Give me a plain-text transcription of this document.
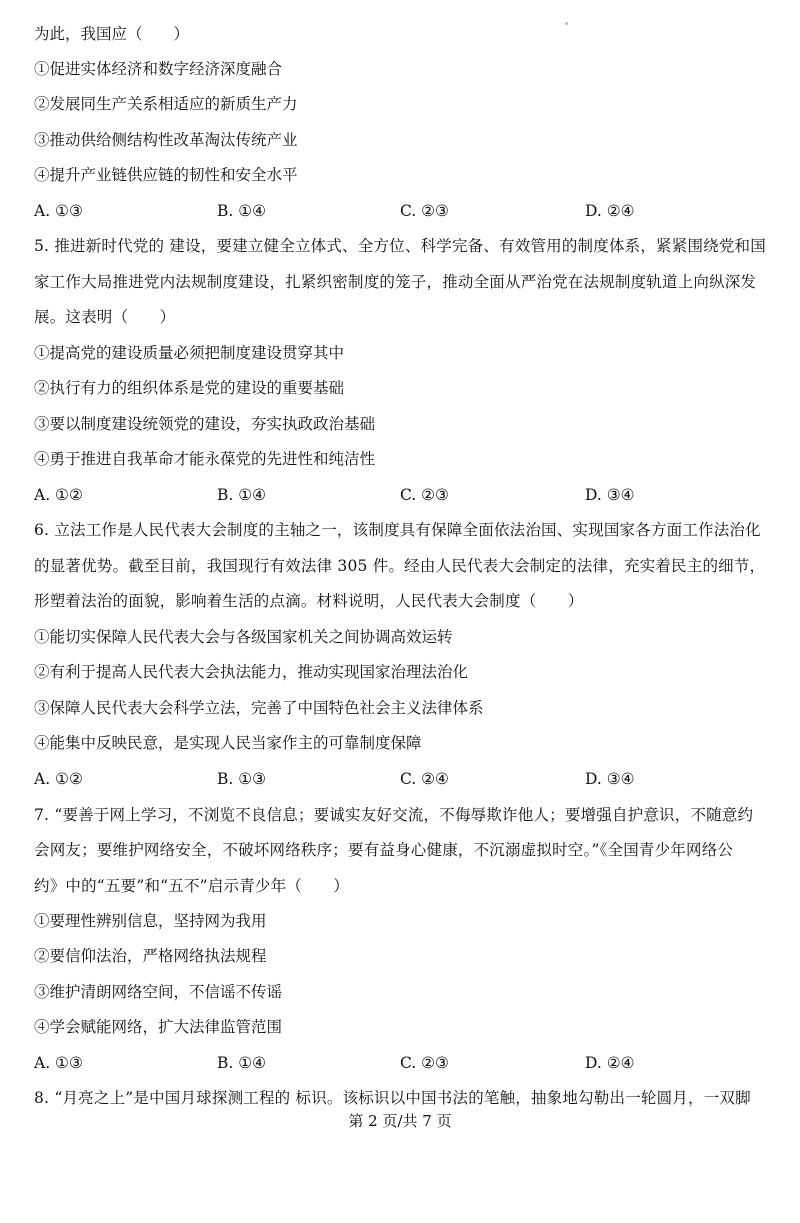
为此，我国应（　　）
①促进实体经济和数字经济深度融合
②发展同生产关系相适应的新质生产力
③推动供给侧结构性改革淘汰传统产业
④提升产业链供应链的韧性和安全水平
A. ①③	B. ①④	C. ②③	D. ②④
5. 推进新时代党的 建设，要建立健全立体式、全方位、科学完备、有效管用的制度体系，紧紧围绕党和国
家工作大局推进党内法规制度建设，扎紧织密制度的笼子，推动全面从严治党在法规制度轨道上向纵深发
展。这表明（　　）
①提高党的建设质量必须把制度建设贯穿其中
②执行有力的组织体系是党的建设的重要基础
③要以制度建设统领党的建设，夯实执政政治基础
④勇于推进自我革命才能永葆党的先进性和纯洁性
A. ①②	B. ①④	C. ②③	D. ③④
6. 立法工作是人民代表大会制度的主轴之一，该制度具有保障全面依法治国、实现国家各方面工作法治化
的显著优势。截至目前，我国现行有效法律 305 件。经由人民代表大会制定的法律，充实着民主的细节，
形塑着法治的面貌，影响着生活的点滴。材料说明，人民代表大会制度（　　）
①能切实保障人民代表大会与各级国家机关之间协调高效运转
②有利于提高人民代表大会执法能力，推动实现国家治理法治化
③保障人民代表大会科学立法，完善了中国特色社会主义法律体系
④能集中反映民意，是实现人民当家作主的可靠制度保障
A. ①②	B. ①③	C. ②④	D. ③④
7. “要善于网上学习，不浏览不良信息；要诚实友好交流，不侮辱欺诈他人；要增强自护意识，不随意约
会网友；要维护网络安全，不破坏网络秩序；要有益身心健康，不沉溺虚拟时空。”《全国青少年网络公
约》中的“五要”和“五不”启示青少年（　　）
①要理性辨别信息，坚持网为我用
②要信仰法治，严格网络执法规程
③维护清朗网络空间，不信谣不传谣
④学会赋能网络，扩大法律监管范围
A. ①③	B. ①④	C. ②③	D. ②④
8. “月亮之上”是中国月球探测工程的 标识。该标识以中国书法的笔触，抽象地勾勒出一轮圆月，一双脚
第 2 页/共 7 页
